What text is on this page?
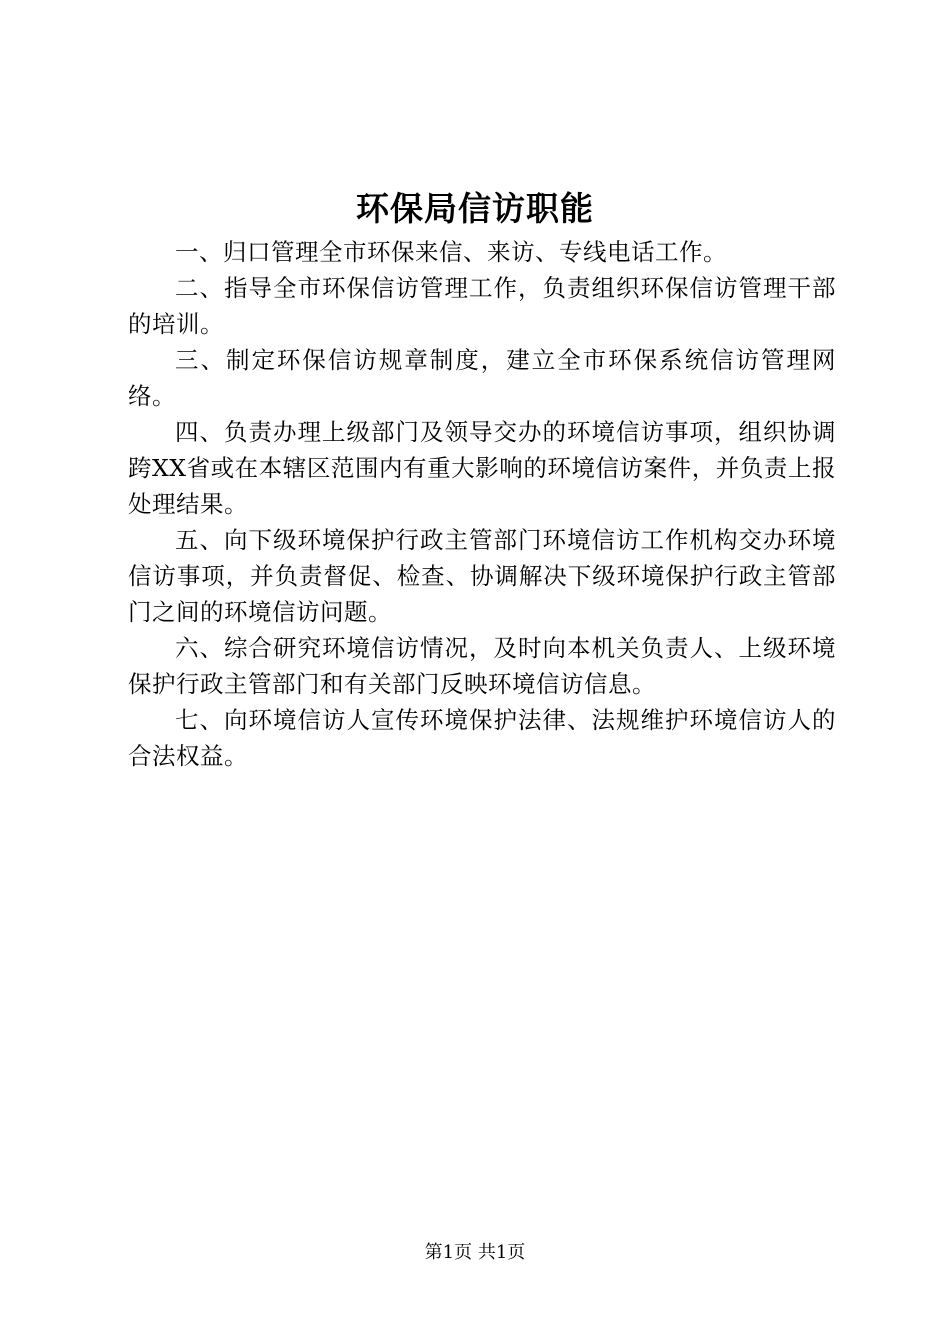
环保局信访职能

一、归口管理全市环保来信、来访、专线电话工作。

二、指导全市环保信访管理工作，负责组织环保信访管理干部的培训。

三、制定环保信访规章制度，建立全市环保系统信访管理网络。

四、负责办理上级部门及领导交办的环境信访事项，组织协调跨XX省或在本辖区范围内有重大影响的环境信访案件，并负责上报处理结果。

五、向下级环境保护行政主管部门环境信访工作机构交办环境信访事项，并负责督促、检查、协调解决下级环境保护行政主管部门之间的环境信访问题。

六、综合研究环境信访情况，及时向本机关负责人、上级环境保护行政主管部门和有关部门反映环境信访信息。

七、向环境信访人宣传环境保护法律、法规维护环境信访人的合法权益。

第1页 共1页
